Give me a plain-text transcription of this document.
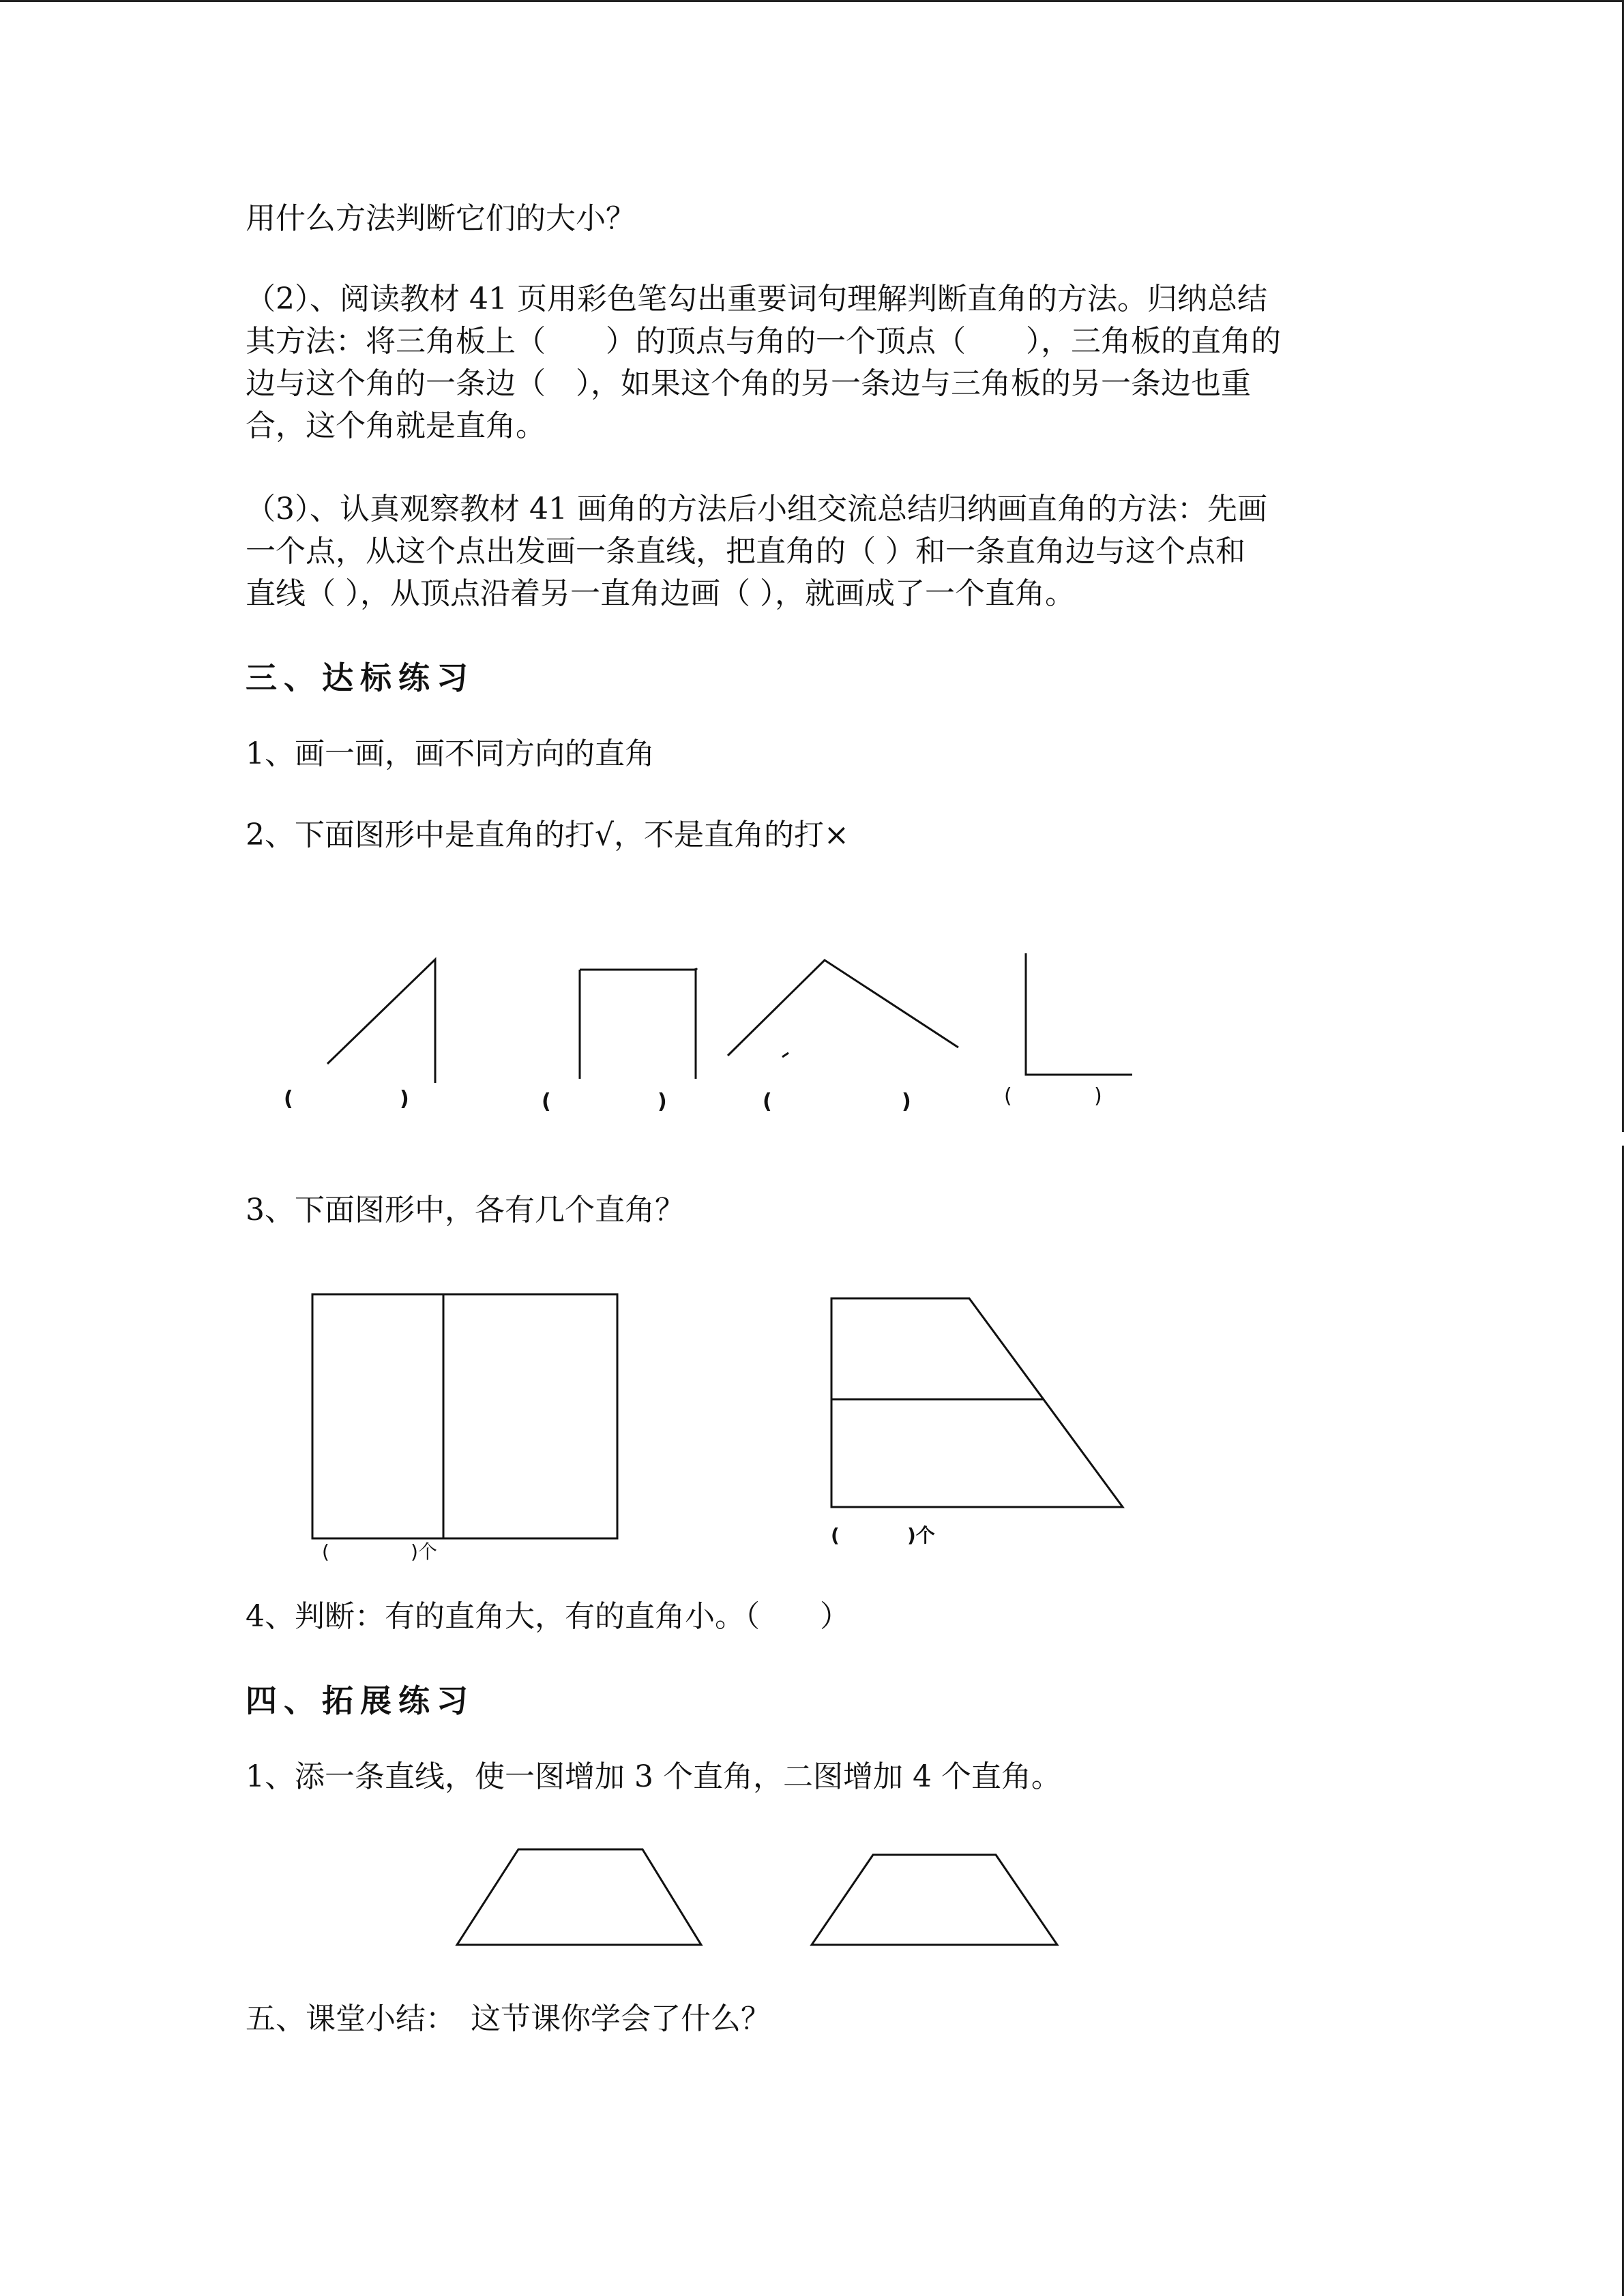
用什么方法判断它们的大小？

（2）、阅读教材 41 页用彩色笔勾出重要词句理解判断直角的方法。归纳总结

其方法：将三角板上（　　）的顶点与角的一个顶点（　　），三角板的直角的

边与这个角的一条边（　），如果这个角的另一条边与三角板的另一条边也重

合，这个角就是直角。

（3）、认真观察教材 41 画角的方法后小组交流总结归纳画直角的方法：先画

一个点，从这个点出发画一条直线，把直角的（ ）和一条直角边与这个点和

直线（ ），从顶点沿着另一直角边画（ ），就画成了一个直角。

三、达标练习

1、画一画，画不同方向的直角

2、下面图形中是直角的打√，不是直角的打×

(	)	(	)	(	)	(	)

3、下面图形中，各有几个直角？

(	)个
(	)个

4、判断：有的直角大，有的直角小。（　　）

四、拓展练习

1、添一条直线，使一图增加 3 个直角，二图增加 4 个直角。

五、课堂小结：　这节课你学会了什么？
